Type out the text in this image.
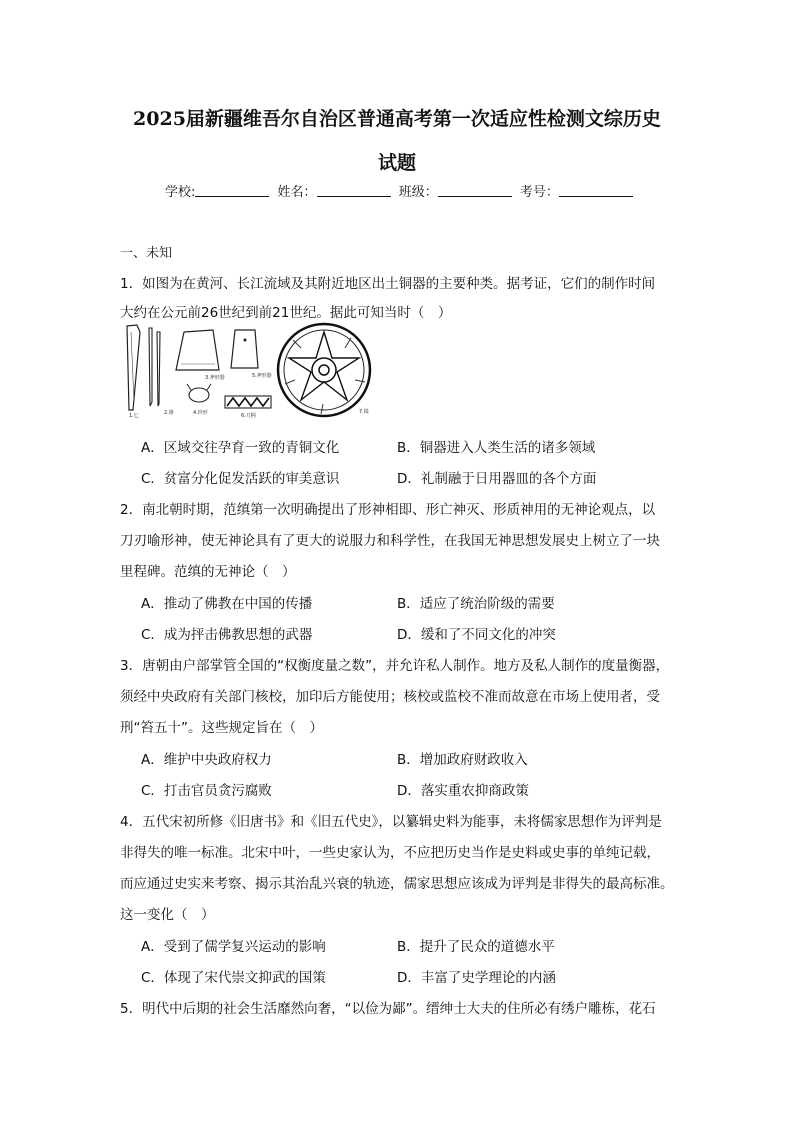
2025届新疆维吾尔自治区普通高考第一次适应性检测文综历史
试题
学校:	姓名：	班级：	考号：
一、未知
1．如图为在黄河、长江流域及其附近地区出土铜器的主要种类。据考证，它们的制作时间
大约在公元前26世纪到前21世纪。据此可知当时（　）
1.匕	2.锥
3.斧形器
4.铃形
5.斧形器
6.刀柄
7.镜
A．区域交往孕育一致的青铜文化	B．铜器进入人类生活的诸多领域
C．贫富分化促发活跃的审美意识	D．礼制融于日用器皿的各个方面
2．南北朝时期，范缜第一次明确提出了形神相即、形亡神灭、形质神用的无神论观点，以
刀刃喻形神，使无神论具有了更大的说服力和科学性，在我国无神思想发展史上树立了一块
里程碑。范缜的无神论（　）
A．推动了佛教在中国的传播	B．适应了统治阶级的需要
C．成为抨击佛教思想的武器	D．缓和了不同文化的冲突
3．唐朝由户部掌管全国的“权衡度量之数”，并允许私人制作。地方及私人制作的度量衡器，
须经中央政府有关部门核校，加印后方能使用；核校或监校不准而故意在市场上使用者，受
刑“笞五十”。这些规定旨在（　）
A．维护中央政府权力	B．增加政府财政收入
C．打击官员贪污腐败	D．落实重农抑商政策
4．五代宋初所修《旧唐书》和《旧五代史》，以纂辑史料为能事，未将儒家思想作为评判是
非得失的唯一标准。北宋中叶，一些史家认为，不应把历史当作是史料或史事的单纯记载，
而应通过史实来考察、揭示其治乱兴衰的轨迹，儒家思想应该成为评判是非得失的最高标准。
这一变化（　）
A．受到了儒学复兴运动的影响	B．提升了民众的道德水平
C．体现了宋代崇文抑武的国策	D．丰富了史学理论的内涵
5．明代中后期的社会生活靡然向奢，“以俭为鄙”。缙绅士大夫的住所必有绣户雕栋，花石
